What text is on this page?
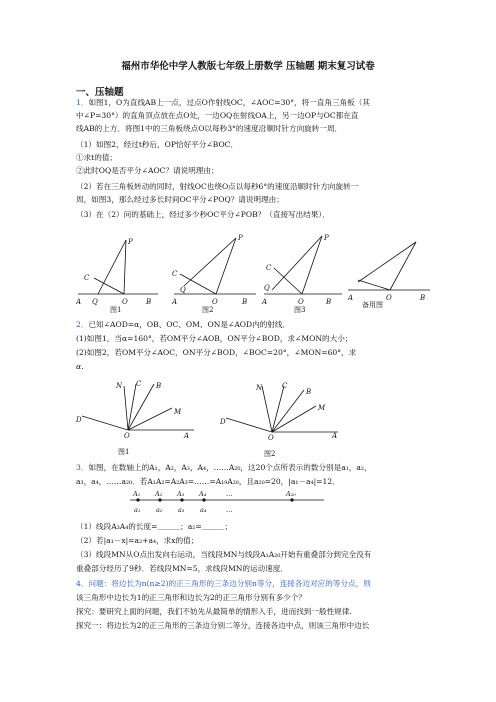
福州市华伦中学人教版七年级上册数学 压轴题 期末复习试卷
一、压轴题
1．如图1，O为直线AB上一点，过点O作射线OC，∠AOC=30°，将一直角三角板（其
中∠P=30°）的直角顶点放在点O处，一边OQ在射线OA上，另一边OP与OC都在直
线AB的上方．将图1中的三角板绕点O以每秒3°的速度沿顺时针方向旋转一周．
（1）如图2，经过t秒后，OP恰好平分∠BOC．
①求t的值；
②此时OQ是否平分∠AOC？请说明理由；
（2）若在三角板转动的同时，射线OC也绕O点以每秒6°的速度沿顺时针方向旋转一
周，如图3，那么经过多长时间OC平分∠POQ？请说明理由；
（3）在（2）问的基础上，经过多少秒OC平分∠POB？（直接写出结果）．
A Q	O	B
P
C
A	O	B
P
C
Q
A	O	B
P
C
Q
A	O	B
图1	图2	图3
备用图
2．已知∠AOD=α，OB、OC、OM、ON是∠AOD内的射线．
(1)如图1，当α=160°，若OM平分∠AOB，ON平分∠BOD，求∠MON的大小；
(2)如图2，若OM平分∠AOC，ON平分∠BOD，∠BOC=20°，∠MON=60°，求
α．
D
N C B
M
A
O
D
N	C
B
M
A
O
图1	图2
3．如图，在数轴上的A₁，A₂，A₃，A₄，……A₂₀，这20个点所表示的数分别是a₁，a₂，
a₃，a₄，……a₂₀．若A₁A₂=A₂A₃=……=A₁₉A₂₀，且a₂₀=20，|a₁－a₄|=12．
A₁ A₂ A₃ A₄	…	A₂₀
a₁ a₂ a₃ a₄	…
（1）线段A₃A₄的长度=＿＿＿；a₂=＿＿＿；
（2）若|a₁－x|=a₂+a₄，求x的值；
（3）线段MN从O点出发向右运动，当线段MN与线段A₁A₂₀开始有重叠部分到完全没有
重叠部分经历了9秒．若线段MN=5，求线段MN的运动速度．
4．问题：将边长为n(n≥2)的正三角形的三条边分别n等分，连接各边对应的等分点，则
该三角形中边长为1的正三角形和边长为2的正三角形分别有多少个？
探究：要研究上面的问题，我们不妨先从最简单的情形入手，进而找到一般性规律.
探究一：将边长为2的正三角形的三条边分别二等分，连接各边中点，则该三角形中边长
